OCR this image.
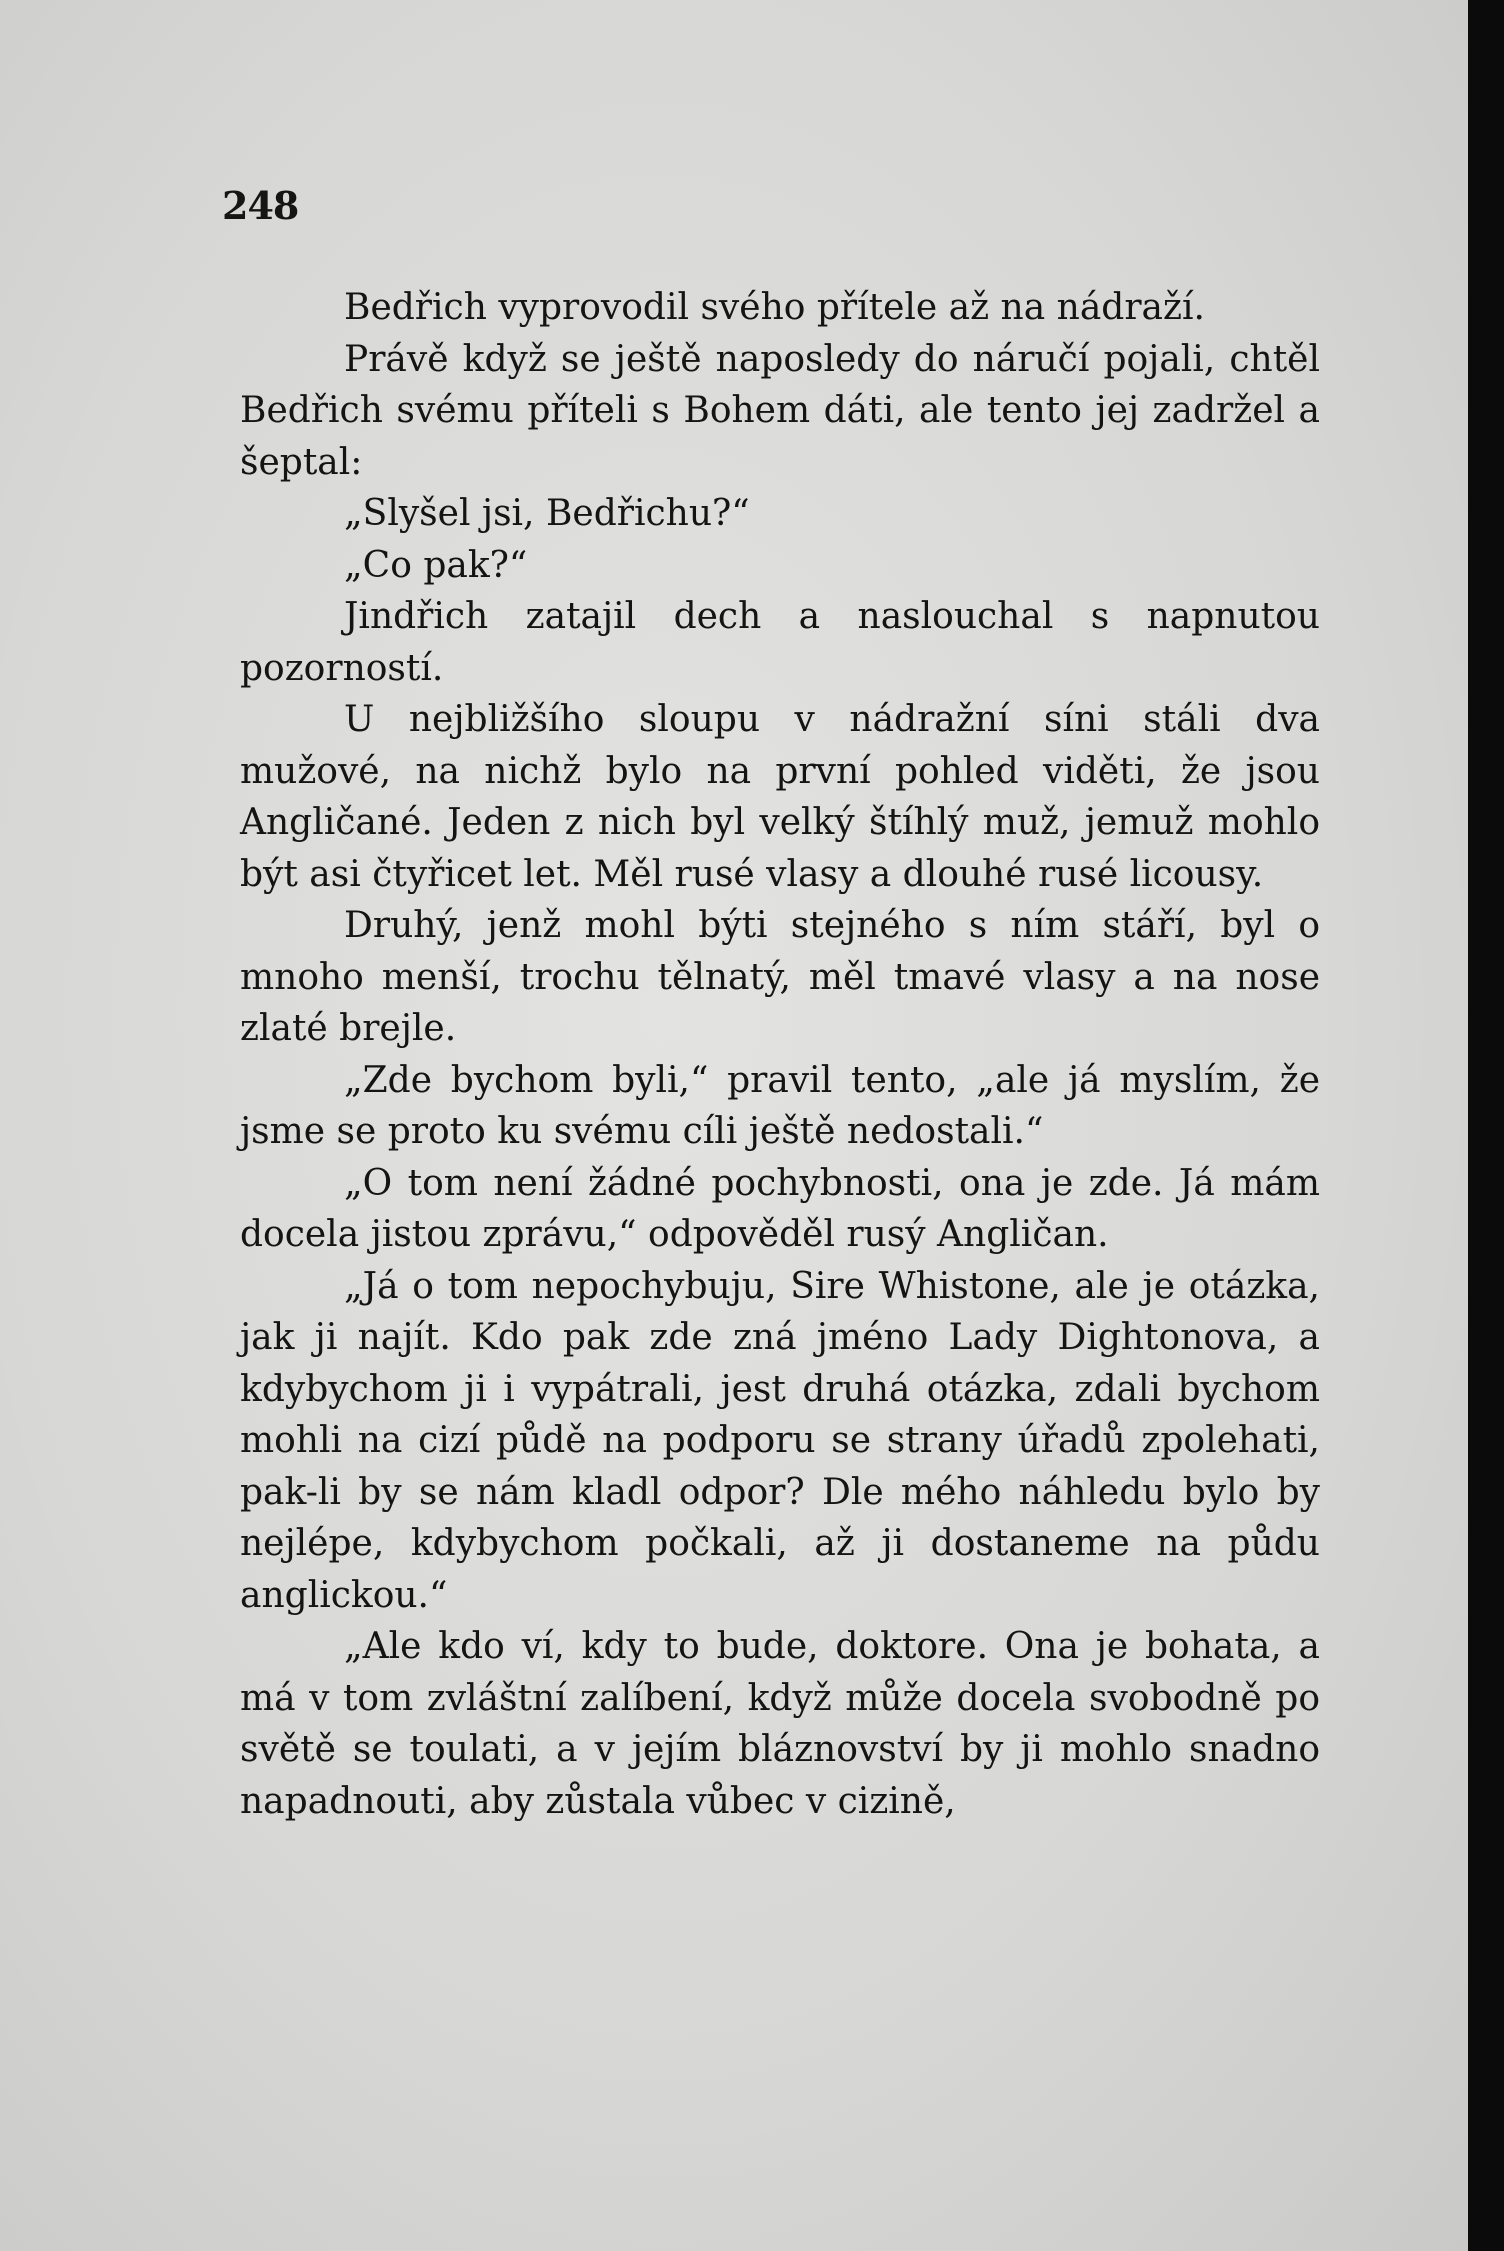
248

Bedřich vyprovodil svého přítele až na nádraží.

Právě když se ještě naposledy do náručí pojali, chtěl Bedřich svému příteli s Bohem dáti, ale tento jej zadržel a šeptal:

„Slyšel jsi, Bedřichu?“

„Co pak?“

Jindřich zatajil dech a naslouchal s napnutou pozorností.

U nejbližšího sloupu v nádražní síni stáli dva mužové, na nichž bylo na první pohled viděti, že jsou Angličané. Jeden z nich byl velký štíhlý muž, jemuž mohlo být asi čtyřicet let. Měl rusé vlasy a dlouhé rusé licousy.

Druhý, jenž mohl býti stejného s ním stáří, byl o mnoho menší, trochu tělnatý, měl tmavé vlasy a na nose zlaté brejle.

„Zde bychom byli,“ pravil tento, „ale já myslím, že jsme se proto ku svému cíli ještě nedostali.“

„O tom není žádné pochybnosti, ona je zde. Já mám docela jistou zprávu,“ odpověděl rusý Angličan.

„Já o tom nepochybuju, Sire Whistone, ale je otázka, jak ji najít. Kdo pak zde zná jméno Lady Dightonova, a kdybychom ji i vypátrali, jest druhá otázka, zdali bychom mohli na cizí půdě na podporu se strany úřadů zpolehati, pak-li by se nám kladl odpor? Dle mého náhledu bylo by nejlépe, kdybychom počkali, až ji dostaneme na půdu anglickou.“

„Ale kdo ví, kdy to bude, doktore. Ona je bohata, a má v tom zvláštní zalíbení, když může docela svobodně po světě se toulati, a v jejím bláznovství by ji mohlo snadno napadnouti, aby zůstala vůbec v cizině,
